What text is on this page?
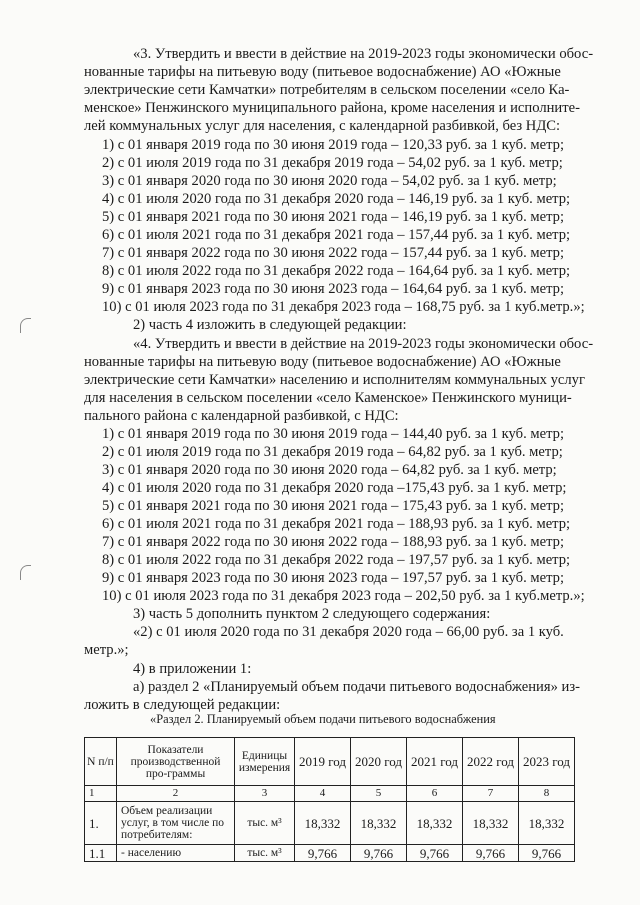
«3. Утвердить и ввести в действие на 2019-2023 годы экономически обос-

нованные тарифы на питьевую воду (питьевое водоснабжение) АО «Южные

электрические сети Камчатки» потребителям в сельском поселении «село Ка-

менское» Пенжинского муниципального района, кроме населения и исполните-

лей коммунальных услуг для населения, с календарной разбивкой, без НДС:

1) с 01 января 2019 года по 30 июня 2019 года – 120,33 руб. за 1 куб. метр;

2) с 01 июля 2019 года по 31 декабря 2019 года – 54,02 руб. за 1 куб. метр;

3) с 01 января 2020 года по 30 июня 2020 года – 54,02 руб. за 1 куб. метр;

4) с 01 июля 2020 года по 31 декабря 2020 года – 146,19 руб. за 1 куб. метр;

5) с 01 января 2021 года по 30 июня 2021 года – 146,19 руб. за 1 куб. метр;

6) с 01 июля 2021 года по 31 декабря 2021 года – 157,44 руб. за 1 куб. метр;

7) с 01 января 2022 года по 30 июня 2022 года – 157,44 руб. за 1 куб. метр;

8) с 01 июля 2022 года по 31 декабря 2022 года – 164,64 руб. за 1 куб. метр;

9) с 01 января 2023 года по 30 июня 2023 года – 164,64 руб. за 1 куб. метр;

10) с 01 июля 2023 года по 31 декабря 2023 года – 168,75 руб. за 1 куб.метр.»;

2) часть 4 изложить в следующей редакции:

«4. Утвердить и ввести в действие на 2019-2023 годы экономически обос-

нованные тарифы на питьевую воду (питьевое водоснабжение) АО «Южные

электрические сети Камчатки» населению и исполнителям коммунальных услуг

для населения в сельском поселении «село Каменское» Пенжинского муници-

пального района с календарной разбивкой, с НДС:

1) с 01 января 2019 года по 30 июня 2019 года – 144,40 руб. за 1 куб. метр;

2) с 01 июля 2019 года по 31 декабря 2019 года – 64,82 руб. за 1 куб. метр;

3) с 01 января 2020 года по 30 июня 2020 года – 64,82 руб. за 1 куб. метр;

4) с 01 июля 2020 года по 31 декабря 2020 года –175,43 руб. за 1 куб. метр;

5) с 01 января 2021 года по 30 июня 2021 года – 175,43 руб. за 1 куб. метр;

6) с 01 июля 2021 года по 31 декабря 2021 года – 188,93 руб. за 1 куб. метр;

7) с 01 января 2022 года по 30 июня 2022 года – 188,93 руб. за 1 куб. метр;

8) с 01 июля 2022 года по 31 декабря 2022 года – 197,57 руб. за 1 куб. метр;

9) с 01 января 2023 года по 30 июня 2023 года – 197,57 руб. за 1 куб. метр;

10) с 01 июля 2023 года по 31 декабря 2023 года – 202,50 руб. за 1 куб.метр.»;

3) часть 5 дополнить пунктом 2 следующего содержания:

«2) с 01 июля 2020 года по 31 декабря 2020 года – 66,00 руб. за 1 куб.

метр.»;

4) в приложении 1:

а) раздел 2 «Планируемый объем подачи питьевого водоснабжения» из-

ложить в следующей редакции:

«Раздел 2. Планируемый объем подачи питьевого водоснабжения
N п/п	Показатели производственной про-граммы	Единицы измерения	2019 год	2020 год	2021 год	2022 год	2023 год
1	2	3	4	5	6	7	8
1.	Объем реализации услуг, в том числе по потребителям:	тыс. м³	18,332	18,332	18,332	18,332	18,332
1.1	- населению	тыс. м³	9,766	9,766	9,766	9,766	9,766
